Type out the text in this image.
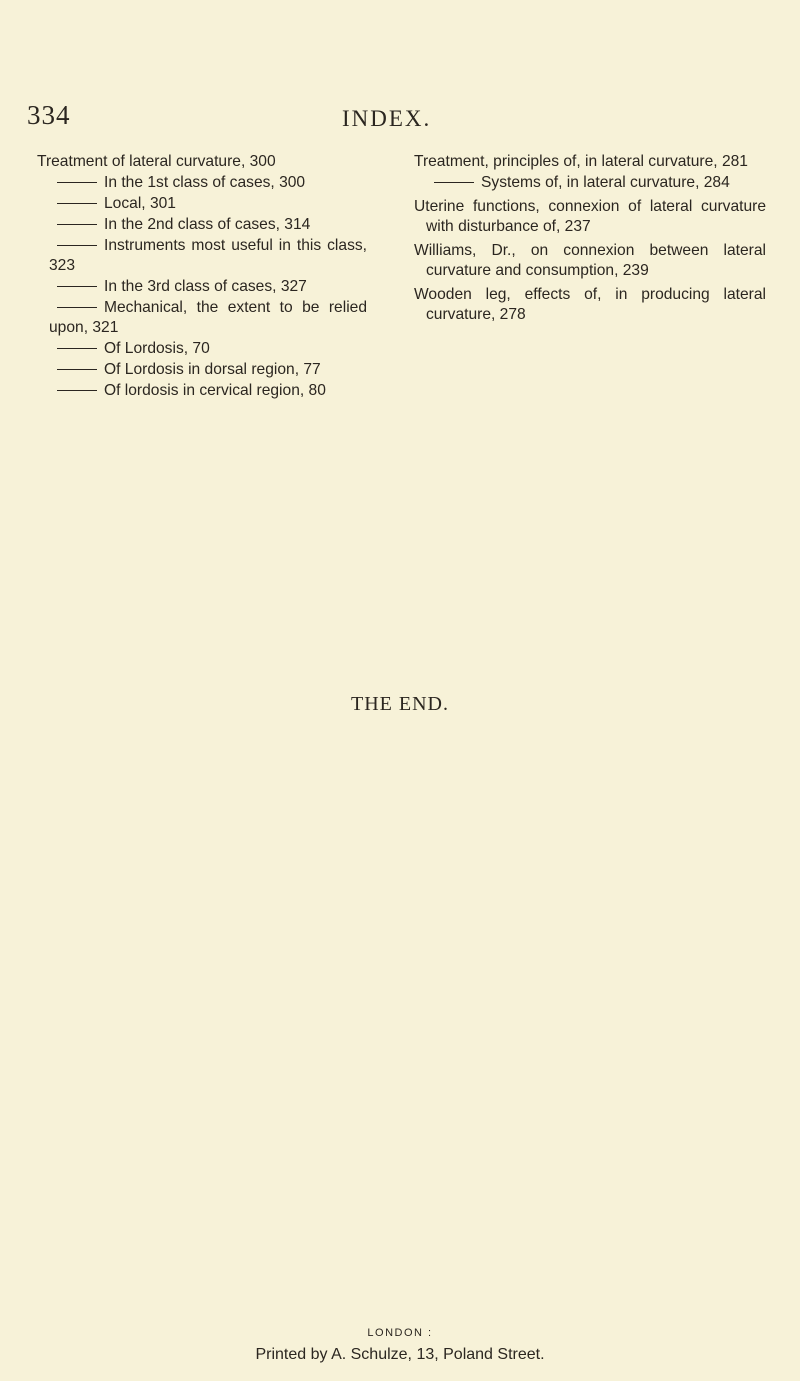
334	INDEX.
Treatment of lateral curvature, 300
In the 1st class of cases, 300
Local, 301
In the 2nd class of cases, 314
Instruments most useful in this class, 323
In the 3rd class of cases, 327
Mechanical, the extent to be relied upon, 321
Of Lordosis, 70
Of Lordosis in dorsal region, 77
Of lordosis in cervical region, 80
Treatment, principles of, in lateral curvature, 281
Systems of, in lateral curvature, 284
Uterine functions, connexion of lateral curvature with disturbance of, 237
Williams, Dr., on connexion between lateral curvature and consumption, 239
Wooden leg, effects of, in producing lateral curvature, 278
THE END.
LONDON :
Printed by A. Schulze, 13, Poland Street.
